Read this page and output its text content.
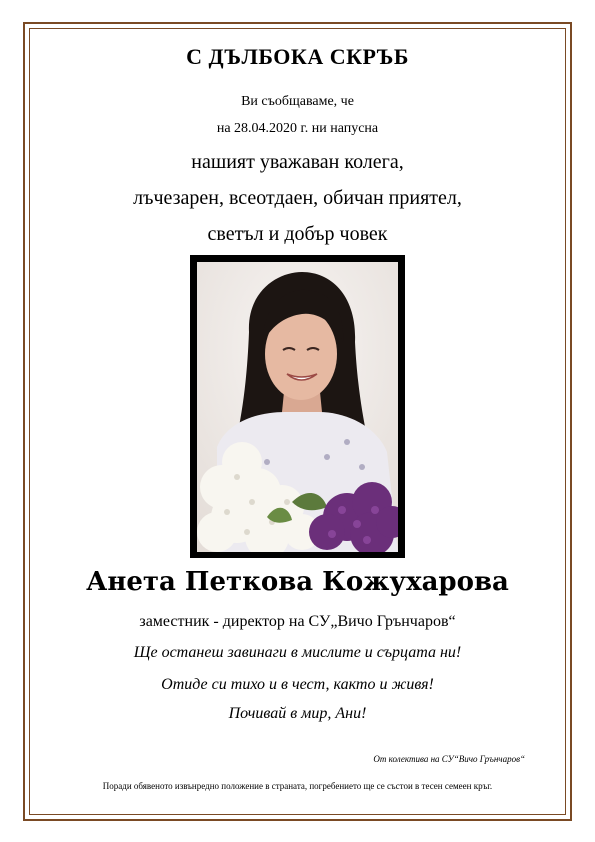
С ДЪЛБОКА СКРЪБ
Ви съобщаваме, че
на 28.04.2020 г. ни напусна
нашият уважаван колега,
лъчезарен, всеотдаен, обичан приятел,
светъл и добър човек
Анета Петкова Кожухарова
заместник - директор на СУ„Вичо Грънчаров“
Ще останеш завинаги в мислите и сърцата ни!
Отиде си тихо и в чест, както и живя!
Почивай в мир, Ани!
От колектива на СУ“Вичо Грънчаров“
Поради обявеното извънредно положение в страната, погребението ще се състои в тесен семеен кръг.
